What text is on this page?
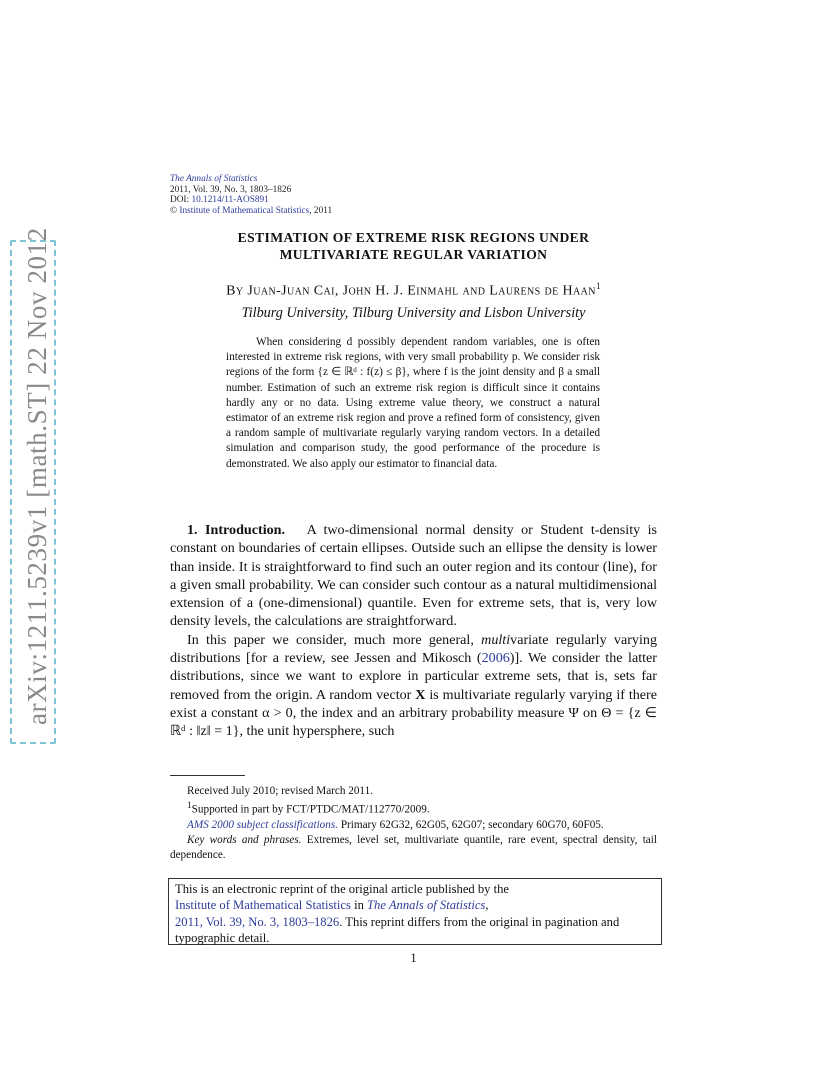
arXiv:1211.5239v1 [math.ST] 22 Nov 2012
The Annals of Statistics
2011, Vol. 39, No. 3, 1803–1826
DOI: 10.1214/11-AOS891
© Institute of Mathematical Statistics, 2011
ESTIMATION OF EXTREME RISK REGIONS UNDER
MULTIVARIATE REGULAR VARIATION
By Juan-Juan Cai, John H. J. Einmahl and Laurens de Haan$^1$
Tilburg University, Tilburg University and Lisbon University

When considering d possibly dependent random variables, one is often interested in extreme risk regions, with very small probability p. We consider risk regions of the form {z ∈ ℝᵈ : f(z) ≤ β}, where f is the joint density and β a small number. Estimation of such an extreme risk region is difficult since it contains hardly any or no data. Using extreme value theory, we construct a natural estimator of an extreme risk region and prove a refined form of consistency, given a random sample of multivariate regularly varying random vectors. In a detailed simulation and comparison study, the good performance of the procedure is demonstrated. We also apply our estimator to financial data.

1. Introduction. A two-dimensional normal density or Student t-density is constant on boundaries of certain ellipses. Outside such an ellipse the density is lower than inside. It is straightforward to find such an outer region and its contour (line), for a given small probability. We can consider such contour as a natural multidimensional extension of a (one-dimensional) quantile. Even for extreme sets, that is, very low density levels, the calculations are straightforward.

In this paper we consider, much more general, multivariate regularly varying distributions [for a review, see Jessen and Mikosch (2006)]. We consider the latter distributions, since we want to explore in particular extreme sets, that is, sets far removed from the origin. A random vector X is multivariate regularly varying if there exist a constant α > 0, the index and an arbitrary probability measure Ψ on Θ = {z ∈ ℝᵈ : ‖z‖ = 1}, the unit hypersphere, such

Received July 2010; revised March 2011.

$^1$Supported in part by FCT/PTDC/MAT/112770/2009.

AMS 2000 subject classifications. Primary 62G32, 62G05, 62G07; secondary 60G70, 60F05.

Key words and phrases. Extremes, level set, multivariate quantile, rare event, spectral density, tail dependence.

This is an electronic reprint of the original article published by the
Institute of Mathematical Statistics in The Annals of Statistics,
2011, Vol. 39, No. 3, 1803–1826. This reprint differs from the original in pagination and typographic detail.
1
